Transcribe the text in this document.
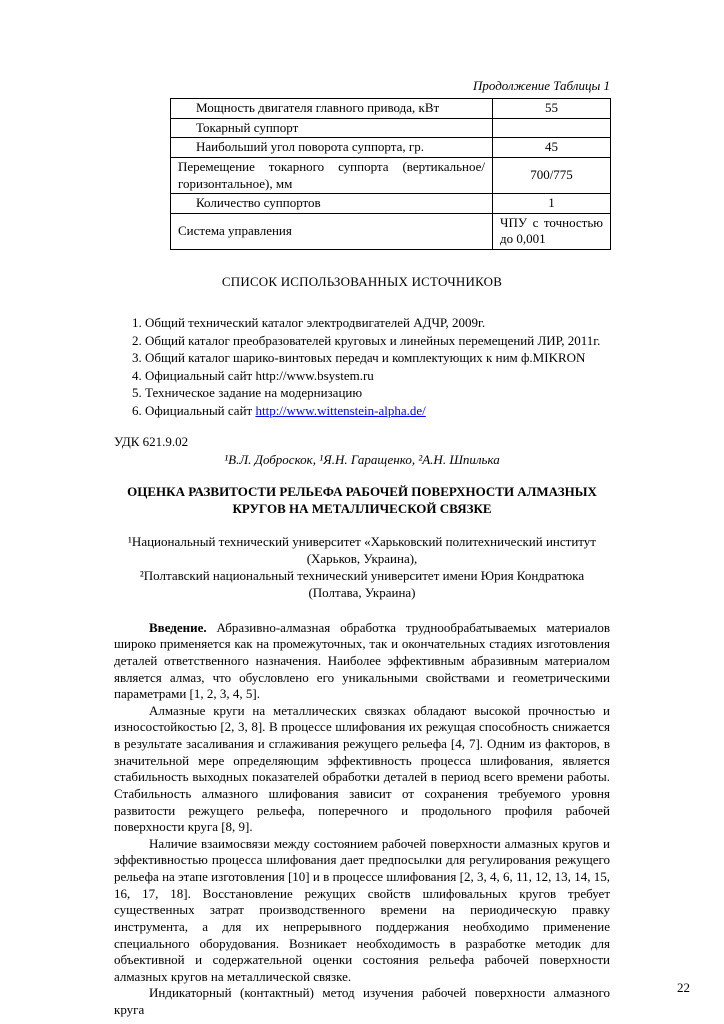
Продолжение Таблицы 1
Мощность двигателя главного привода, кВт	55
Токарный суппорт	
Наибольший угол поворота суппорта, гр.	45
Перемещение токарного суппорта (вертикальное/горизонтальное), мм	700/775
Количество суппортов	1
Система управления	ЧПУ с точностью до 0,001
СПИСОК ИСПОЛЬЗОВАННЫХ ИСТОЧНИКОВ
1. Общий технический каталог электродвигателей АДЧР, 2009г.
2. Общий каталог преобразователей круговых и линейных перемещений ЛИР, 2011г.
3. Общий каталог шарико-винтовых передач и комплектующих к ним ф.MIKRON
4. Официальный сайт http://www.bsystem.ru
5. Техническое задание на модернизацию
6. Официальный сайт http://www.wittenstein-alpha.de/
УДК 621.9.02
¹В.Л. Доброскок, ¹Я.Н. Гаращенко, ²А.Н. Шпилька
ОЦЕНКА РАЗВИТОСТИ РЕЛЬЕФА РАБОЧЕЙ ПОВЕРХНОСТИ АЛМАЗНЫХ КРУГОВ НА МЕТАЛЛИЧЕСКОЙ СВЯЗКЕ
¹Национальный технический университет «Харьковский политехнический институт
(Харьков, Украина),
²Полтавский национальный технический университет имени Юрия Кондратюка
(Полтава, Украина)

Введение. Абразивно-алмазная обработка труднообрабатываемых материалов широко применяется как на промежуточных, так и окончательных стадиях изготовления деталей ответственного назначения. Наиболее эффективным абразивным материалом является алмаз, что обусловлено его уникальными свойствами и геометрическими параметрами [1, 2, 3, 4, 5].

Алмазные круги на металлических связках обладают высокой прочностью и износостойкостью [2, 3, 8]. В процессе шлифования их режущая способность снижается в результате засаливания и сглаживания режущего рельефа [4, 7]. Одним из факторов, в значительной мере определяющим эффективность процесса шлифования, является стабильность выходных показателей обработки деталей в период всего времени работы. Стабильность алмазного шлифования зависит от сохранения требуемого уровня развитости режущего рельефа, поперечного и продольного профиля рабочей поверхности круга [8, 9].

Наличие взаимосвязи между состоянием рабочей поверхности алмазных кругов и эффективностью процесса шлифования дает предпосылки для регулирования режущего рельефа на этапе изготовления [10] и в процессе шлифования [2, 3, 4, 6, 11, 12, 13, 14, 15, 16, 17, 18]. Восстановление режущих свойств шлифовальных кругов требует существенных затрат производственного времени на периодическую правку инструмента, а для их непрерывного поддержания необходимо применение специального оборудования. Возникает необходимость в разработке методик для объективной и содержательной оценки состояния рельефа рабочей поверхности алмазных кругов на металлической связке.

Индикаторный (контактный) метод изучения рабочей поверхности алмазного круга

22
